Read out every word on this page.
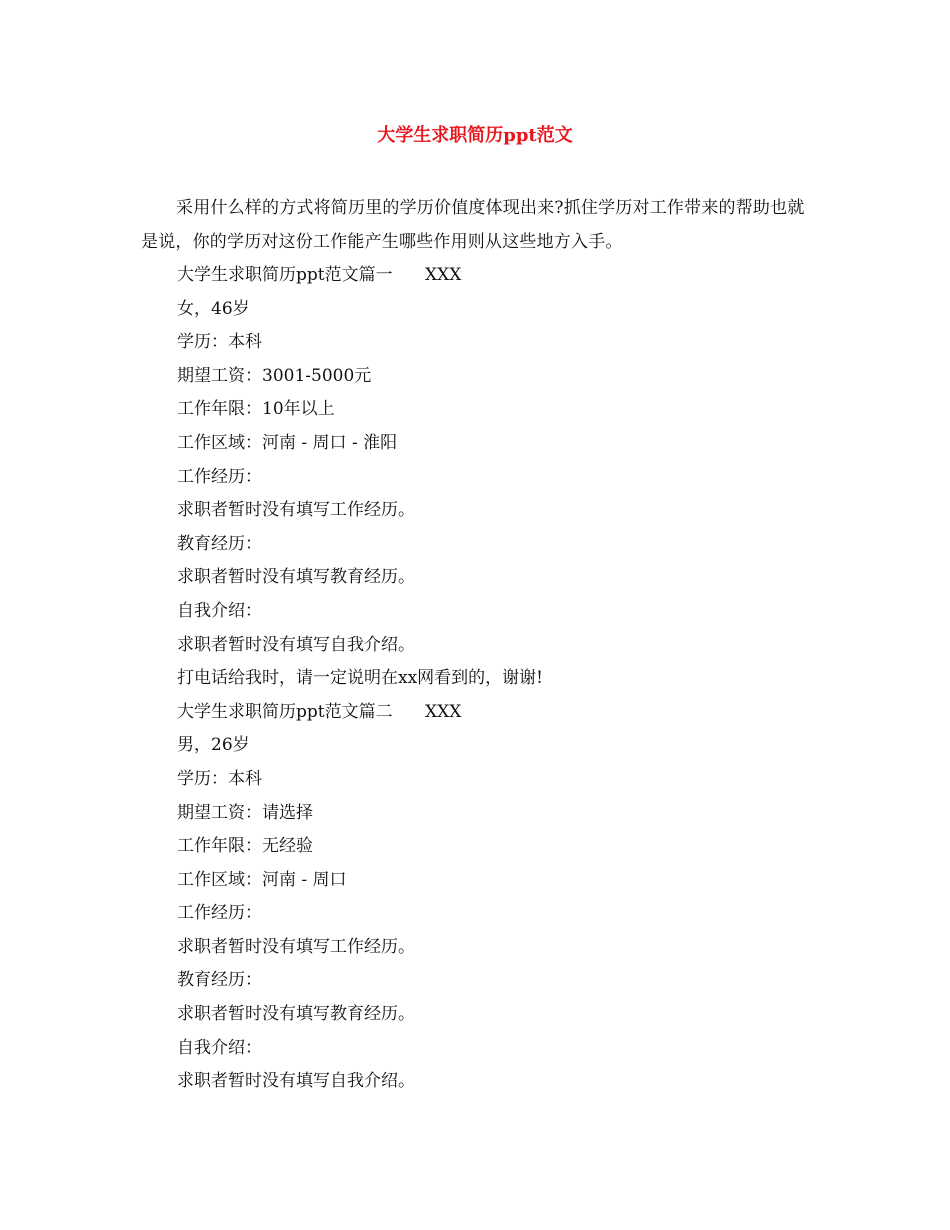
大学生求职简历ppt范文

采用什么样的方式将简历里的学历价值度体现出来?抓住学历对工作带来的帮助也就是说，你的学历对这份工作能产生哪些作用则从这些地方入手。

大学生求职简历ppt范文篇一      XXX
女，46岁
学历：本科
期望工资：3001-5000元
工作年限：10年以上
工作区域：河南 - 周口 - 淮阳
工作经历：
求职者暂时没有填写工作经历。
教育经历：
求职者暂时没有填写教育经历。
自我介绍：
求职者暂时没有填写自我介绍。
打电话给我时，请一定说明在xx网看到的，谢谢!
大学生求职简历ppt范文篇二      XXX
男，26岁
学历：本科
期望工资：请选择
工作年限：无经验
工作区域：河南 - 周口
工作经历：
求职者暂时没有填写工作经历。
教育经历：
求职者暂时没有填写教育经历。
自我介绍：
求职者暂时没有填写自我介绍。
